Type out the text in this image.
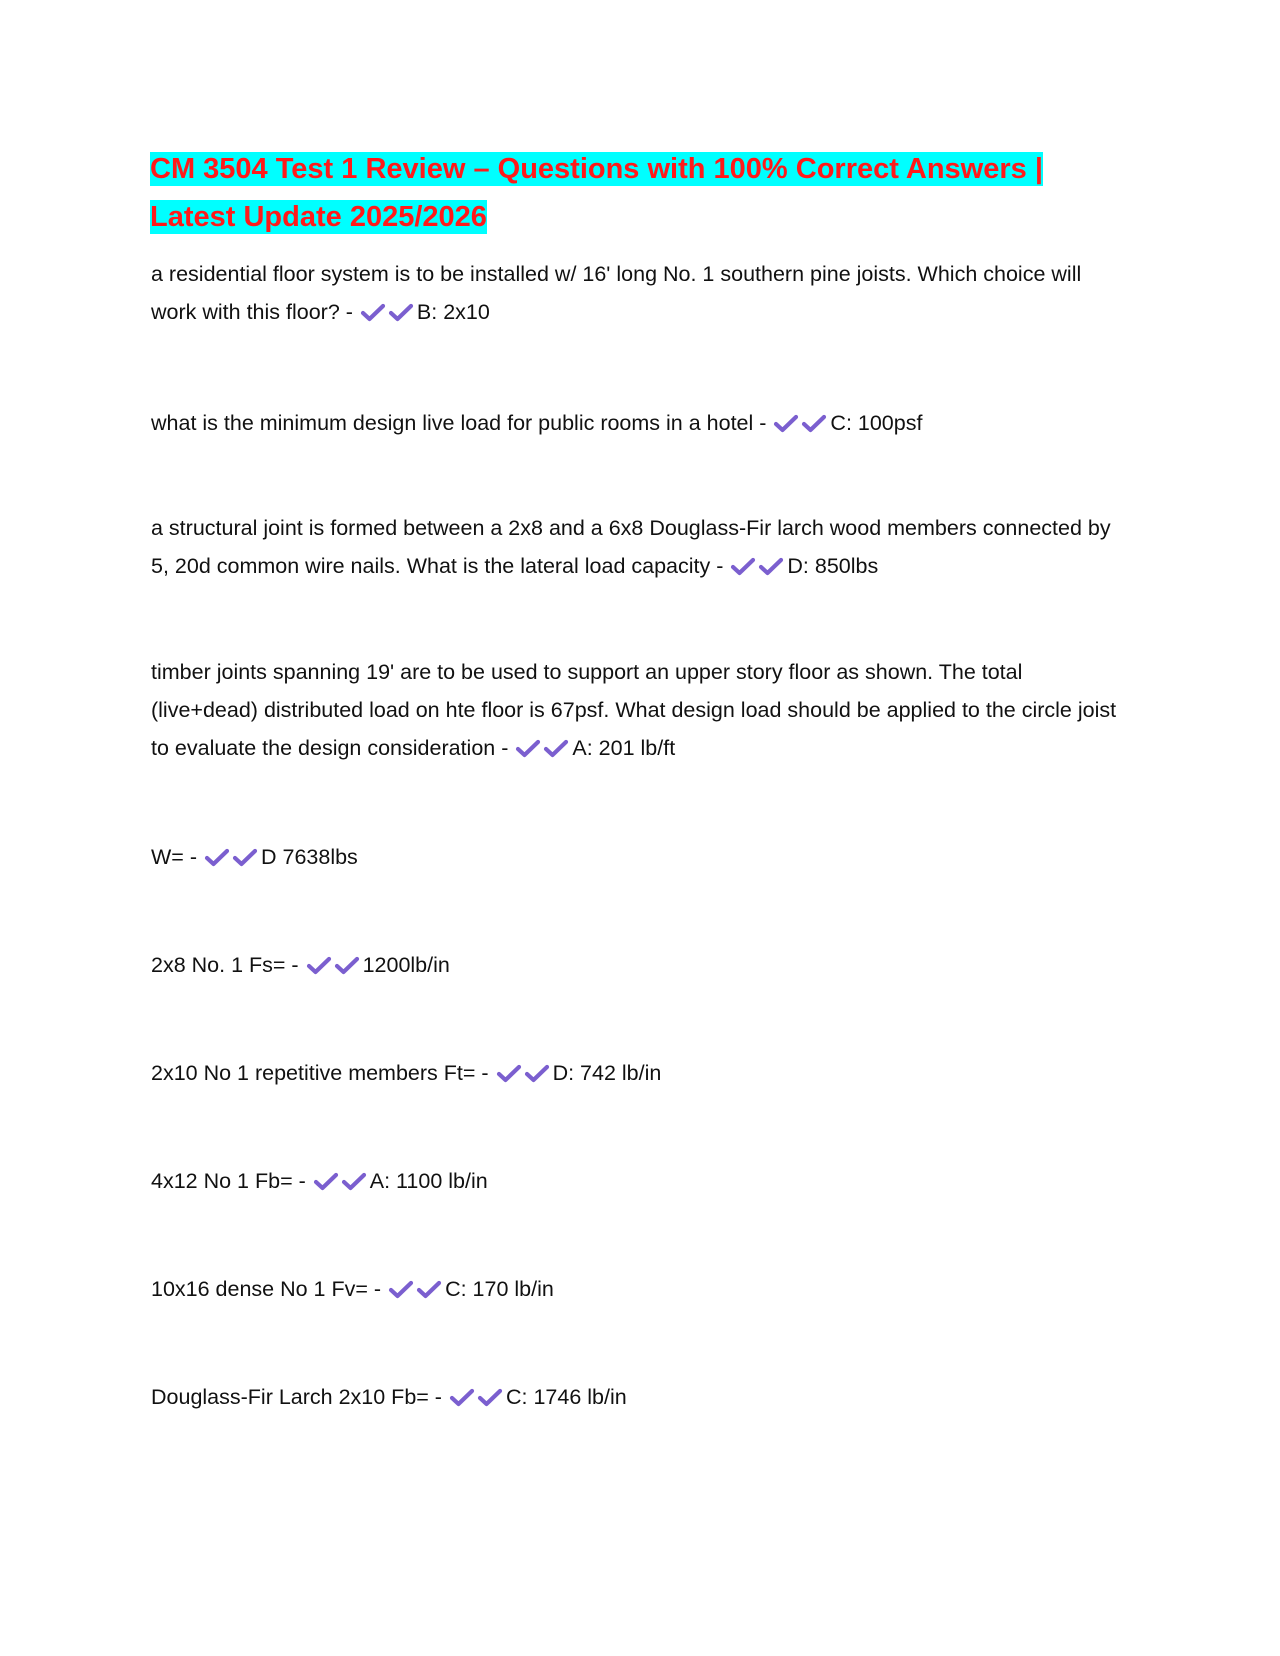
CM 3504 Test 1 Review – Questions with 100% Correct Answers |
Latest Update 2025/2026

a residential floor system is to be installed w/ 16' long No. 1 southern pine joists. Which choice will work with this floor? -	B: 2x10

what is the minimum design live load for public rooms in a hotel -	C: 100psf

a structural joint is formed between a 2x8 and a 6x8 Douglass-Fir larch wood members connected by 5, 20d common wire nails. What is the lateral load capacity -	D: 850lbs

timber joints spanning 19' are to be used to support an upper story floor as shown. The total (live+dead) distributed load on hte floor is 67psf. What design load should be applied to the circle joist to evaluate the design consideration -	A: 201 lb/ft

W= -	D 7638lbs

2x8 No. 1 Fs= -	1200lb/in

2x10 No 1 repetitive members Ft= -	D: 742 lb/in

4x12 No 1 Fb= -	A: 1100 lb/in

10x16 dense No 1 Fv= -	C: 170 lb/in

Douglass-Fir Larch 2x10 Fb= -	C: 1746 lb/in
